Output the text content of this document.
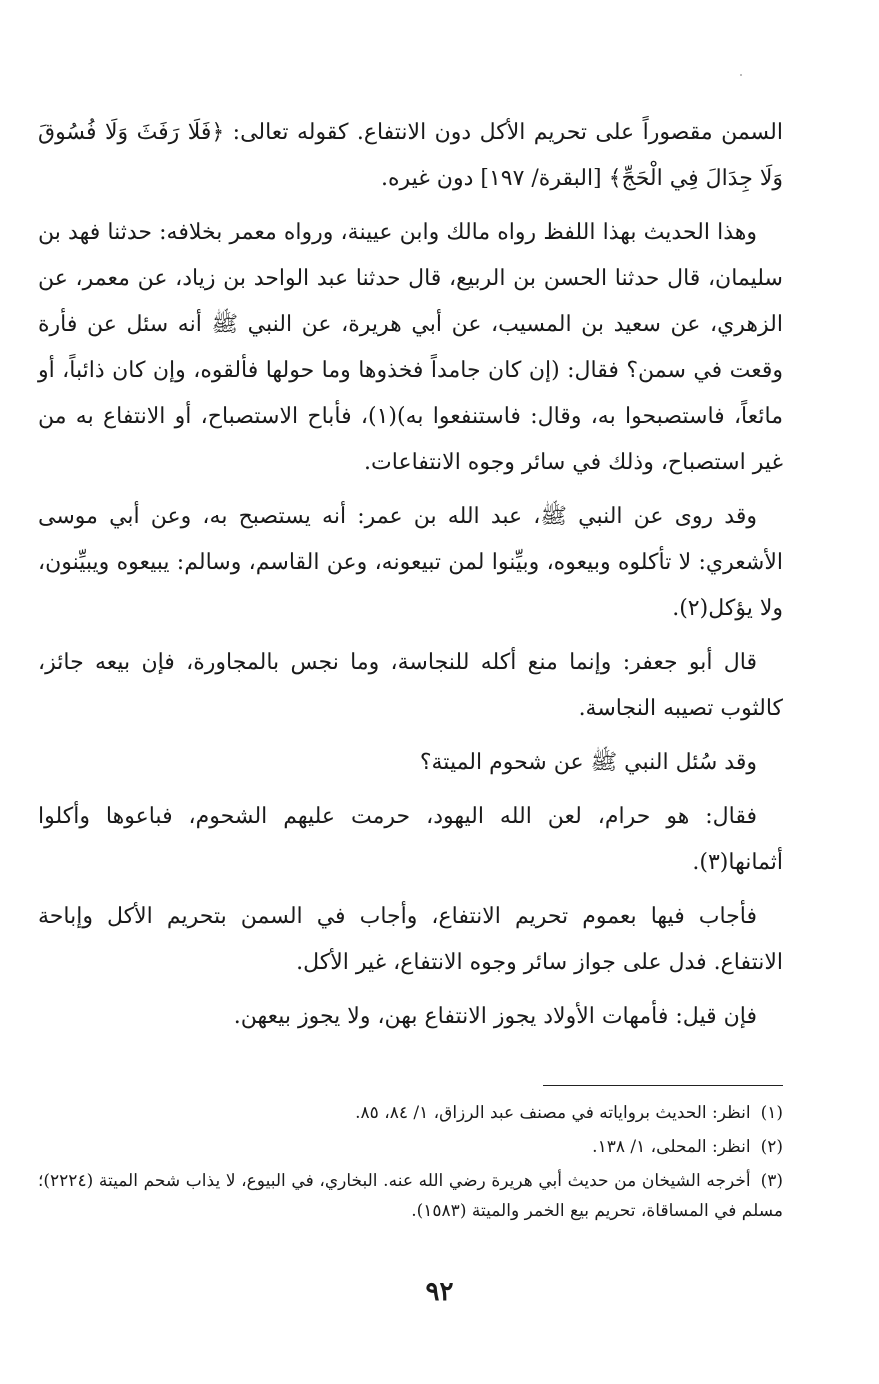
السمن مقصوراً على تحريم الأكل دون الانتفاع. كقوله تعالى: ﴿فَلَا رَفَثَ وَلَا فُسُوقَ وَلَا جِدَالَ فِي الْحَجِّ﴾ [البقرة/ ١٩٧] دون غيره.

وهذا الحديث بهذا اللفظ رواه مالك وابن عيينة، ورواه معمر بخلافه: حدثنا فهد بن سليمان، قال حدثنا الحسن بن الربيع، قال حدثنا عبد الواحد بن زياد، عن معمر، عن الزهري، عن سعيد بن المسيب، عن أبي هريرة، عن النبي ﷺ أنه سئل عن فأرة وقعت في سمن؟ فقال: (إن كان جامداً فخذوها وما حولها فألقوه، وإن كان ذائباً، أو مائعاً، فاستصبحوا به، وقال: فاستنفعوا به)(١)، فأباح الاستصباح، أو الانتفاع به من غير استصباح، وذلك في سائر وجوه الانتفاعات.

وقد روى عن النبي ﷺ، عبد الله بن عمر: أنه يستصبح به، وعن أبي موسى الأشعري: لا تأكلوه وبيعوه، وبيِّنوا لمن تبيعونه، وعن القاسم، وسالم: يبيعوه ويبيِّنون، ولا يؤكل(٢).

قال أبو جعفر: وإنما منع أكله للنجاسة، وما نجس بالمجاورة، فإن بيعه جائز، كالثوب تصيبه النجاسة.

وقد سُئل النبي ﷺ عن شحوم الميتة؟

فقال: هو حرام، لعن الله اليهود، حرمت عليهم الشحوم، فباعوها وأكلوا أثمانها(٣).

فأجاب فيها بعموم تحريم الانتفاع، وأجاب في السمن بتحريم الأكل وإباحة الانتفاع. فدل على جواز سائر وجوه الانتفاع، غير الأكل.

فإن قيل: فأمهات الأولاد يجوز الانتفاع بهن، ولا يجوز بيعهن.

(١)انظر: الحديث برواياته في مصنف عبد الرزاق، ١/ ٨٤، ٨٥.

(٢)انظر: المحلى، ١/ ١٣٨.

(٣)أخرجه الشيخان من حديث أبي هريرة رضي الله عنه. البخاري، في البيوع، لا يذاب شحم الميتة (٢٢٢٤)؛ مسلم في المساقاة، تحريم بيع الخمر والميتة (١٥٨٣).

٩٢
